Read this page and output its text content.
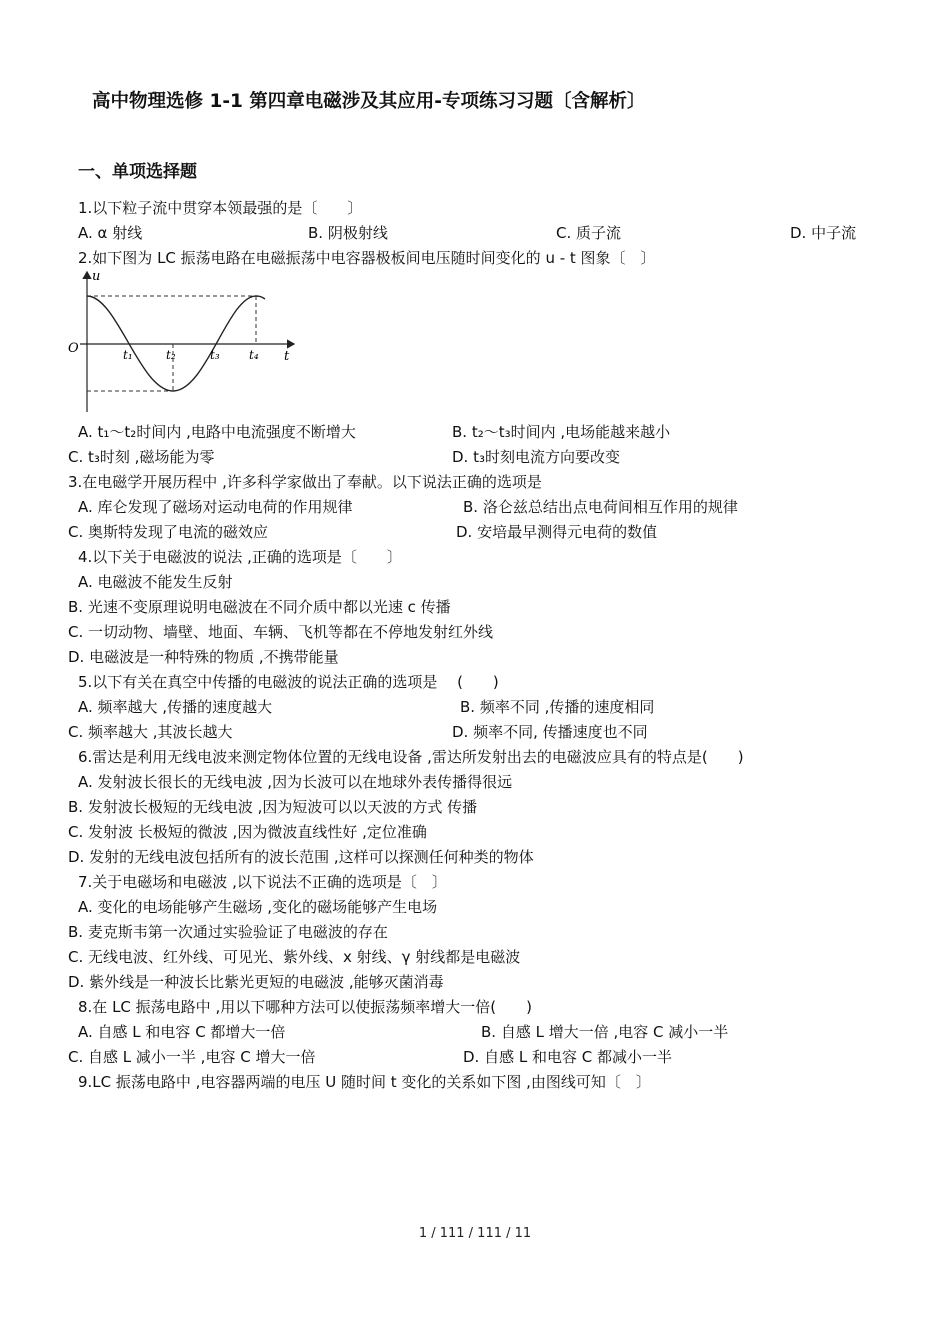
高中物理选修 1-1 第四章电磁涉及其应用-专项练习习题〔含解析〕
一、单项选择题
1.以下粒子流中贯穿本领最强的是〔　　〕
A. α 射线	B. 阴极射线	C. 质子流	D. 中子流
2.如下图为 LC 振荡电路在电磁振荡中电容器极板间电压随时间变化的 u - t 图象〔　〕
u
t
O	t₁	t₂	t₃ t₄
A. t₁～t₂时间内 ,电路中电流强度不断增大	B. t₂～t₃时间内 ,电场能越来越小
C. t₃时刻 ,磁场能为零	D. t₃时刻电流方向要改变
3.在电磁学开展历程中 ,许多科学家做出了奉献。以下说法正确的选项是
A. 库仑发现了磁场对运动电荷的作用规律	B. 洛仑兹总结出点电荷间相互作用的规律
C. 奥斯特发现了电流的磁效应	D. 安培最早测得元电荷的数值
4.以下关于电磁波的说法 ,正确的选项是〔　　〕
A. 电磁波不能发生反射
B. 光速不变原理说明电磁波在不同介质中都以光速 c 传播
C. 一切动物、墙壁、地面、车辆、飞机等都在不停地发射红外线
D. 电磁波是一种特殊的物质 ,不携带能量
5.以下有关在真空中传播的电磁波的说法正确的选项是　 (　　)
A. 频率越大 ,传播的速度越大	B. 频率不同 ,传播的速度相同
C. 频率越大 ,其波长越大	D. 频率不同, 传播速度也不同
6.雷达是利用无线电波来测定物体位置的无线电设备 ,雷达所发射出去的电磁波应具有的特点是(　　)
A. 发射波长很长的无线电波 ,因为长波可以在地球外表传播得很远
B. 发射波长极短的无线电波 ,因为短波可以以天波的方式 传播
C. 发射波 长极短的微波 ,因为微波直线性好 ,定位准确
D. 发射的无线电波包括所有的波长范围 ,这样可以探测任何种类的物体
7.关于电磁场和电磁波 ,以下说法不正确的选项是〔　〕
A. 变化的电场能够产生磁场 ,变化的磁场能够产生电场
B. 麦克斯韦第一次通过实验验证了电磁波的存在
C. 无线电波、红外线、可见光、紫外线、x 射线、γ 射线都是电磁波
D. 紫外线是一种波长比紫光更短的电磁波 ,能够灭菌消毒
8.在 LC 振荡电路中 ,用以下哪种方法可以使振荡频率增大一倍(　　)
A. 自感 L 和电容 C 都增大一倍	B. 自感 L 增大一倍 ,电容 C 减小一半
C. 自感 L 减小一半 ,电容 C 增大一倍	D. 自感 L 和电容 C 都减小一半
9.LC 振荡电路中 ,电容器两端的电压 U 随时间 t 变化的关系如下图 ,由图线可知〔　〕
1 / 111 / 111 / 11
